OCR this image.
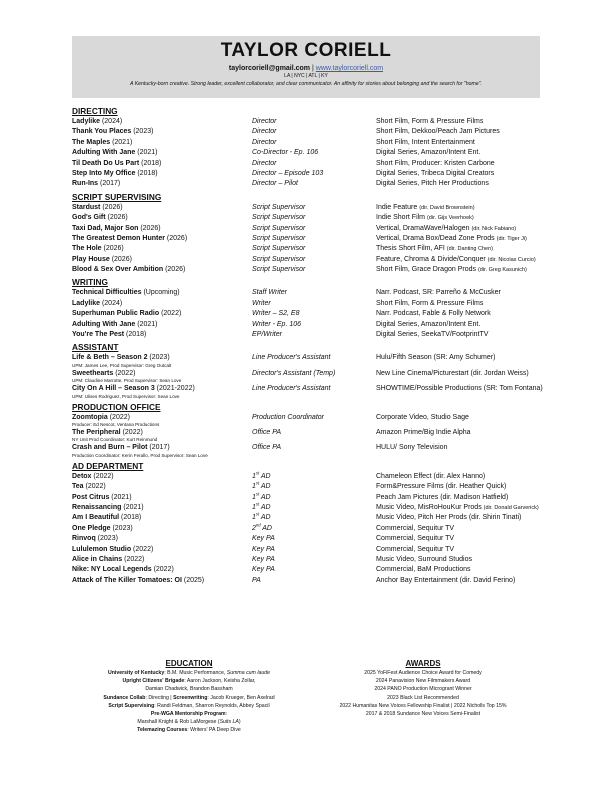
TAYLOR CORIELL
taylorcoriell@gmail.com | www.taylorcoriell.com
LA | NYC | ATL | KY
A Kentucky-born creative. Strong leader, excellent collaborator, and clear communicator. An affinity for stories about belonging and the search for "home".
DIRECTING
Ladylike (2024)	Director	Short Film, Form & Pressure Films
Thank You Places (2023)	Director	Short Film, Dekkoo/Peach Jam Pictures
The Maples (2021)	Director	Short Film, Intent Entertainment
Adulting With Jane (2021)	Co-Director - Ep. 106	Digital Series, Amazon/Intent Ent.
Til Death Do Us Part (2018)	Director	Short Film, Producer: Kristen Carbone
Step Into My Office (2018)	Director – Episode 103	Digital Series, Tribeca Digital Creators
Run-Ins (2017)	Director – Pilot	Digital Series, Pitch Her Productions
SCRIPT SUPERVISING
Stardust (2026)	Script Supervisor	Indie Feature (dir. David Brownstein)
God's Gift (2026)	Script Supervisor	Indie Short Film (dir. Gijs Veerhoek)
Taxi Dad, Major Son (2026)	Script Supervisor	Vertical, DramaWave/Halogen (dir. Nick Fabiano)
The Greatest Demon Hunter (2026)	Script Supervisor	Vertical, Drama Box/Dead Zone Prods (dir. Tiger Ji)
The Hole (2026)	Script Supervisor	Thesis Short Film, AFI (dir. Danting Chen)
Play House (2026)	Script Supervisor	Feature, Chroma & Divide/Conquer (dir. Nicolas Curcio)
Blood & Sex Over Ambition (2026)	Script Supervisor	Short Film, Grace Dragon Prods (dir. Greg Kasunich)
WRITING
Technical Difficulties (Upcoming)	Staff Writer	Narr. Podcast, SR: Parreño & McCusker
Ladylike (2024)	Writer	Short Film, Form & Pressure Films
Superhuman Public Radio (2022)	Writer – S2, E8	Narr. Podcast, Fable & Folly Network
Adulting With Jane (2021)	Writer - Ep. 106	Digital Series, Amazon/Intent Ent.
You're The Pest (2018)	EP/Writer	Digital Series, SeekaTV/FootprintTV
ASSISTANT
Life & Beth – Season 2 (2023)	Line Producer's Assistant	Hulu/Fifth Season (SR: Amy Schumer)
UPM: James Lee, Prod Supervisor: Greg Outcalt
Sweethearts (2022)	Director's Assistant (Temp)	New Line Cinema/Picturestart (dir. Jordan Weiss)
UPM: Claudine Marrotte, Prod Supervisor: Sean Love
City On A Hill – Season 3 (2021-2022)	Line Producer's Assistant	SHOWTIME/Possible Productions (SR: Tom Fontana)
UPM: Ulises Rodriguez, Prod Supervisor: Sean Love
PRODUCTION OFFICE
Zoomtopia (2022)	Production Coordinator	Corporate Video, Studio Sage
Producer: Ed Nescot, Ventana Productions
The Peripheral (2022)	Office PA	Amazon Prime/Big Indie Alpha
NY Unit Prod Coordinator: Kurt Reinmund
Crash and Burn – Pilot (2017)	Office PA	HULU/ Sony Television
Production Coordinator: Kerin Ferallo, Prod Supervisor: Sean Love
AD DEPARTMENT
Detox (2022)	1st AD	Chameleon Effect (dir. Alex Hanno)
Tea (2022)	1st AD	Form&Pressure Films (dir. Heather Quick)
Post Citrus (2021)	1st AD	Peach Jam Pictures (dir. Madison Hatfield)
Renaissancing (2021)	1st AD	Music Video, MisRoHouKur Prods (dir. Donald Garverick)
Am I Beautiful (2018)	1st AD	Music Video, Pitch Her Prods (dir. Shirin Tinati)
One Pledge (2023)	2nd AD	Commercial, Sequitur TV
Rinvoq (2023)	Key PA	Commercial, Sequitur TV
Lululemon Studio (2022)	Key PA	Commercial, Sequitur TV
Alice in Chains (2022)	Key PA	Music Video, Surround Studios
Nike: NY Local Legends (2022)	Key PA	Commercial, BaM Productions
Attack of The Killer Tomatoes: OI (2025)	PA	Anchor Bay Entertainment (dir. David Ferino)
EDUCATION
University of Kentucky: B.M. Music Performance, Summa cum laude
Upright Citizens' Brigade: Aaron Jackson, Keisha Zollar,
Damian Chadwick, Brandon Bassham
Sundance Collab: Directing | Screenwriting: Jacob Krueger, Ben Axelrad
Script Supervising: Randi Feldman, Sharron Reynolds, Abbey Spacil
Pre-WGA Mentorship Program:
Marshall Knight & Rob LaMorgese (Suits LA)
Telemazing Courses: Writers' PA Deep Dive
AWARDS
2025 YoFiFest Audience Choice Award for Comedy
2024 Panavision New Filmmakers Award
2024 PANO Production Microgrant Winner
2023 Black List Recommended
2022 Humanitas New Voices Fellowship Finalist | 2022 Nicholls Top 15%
2017 & 2018 Sundance New Voices Semi-Finalist
